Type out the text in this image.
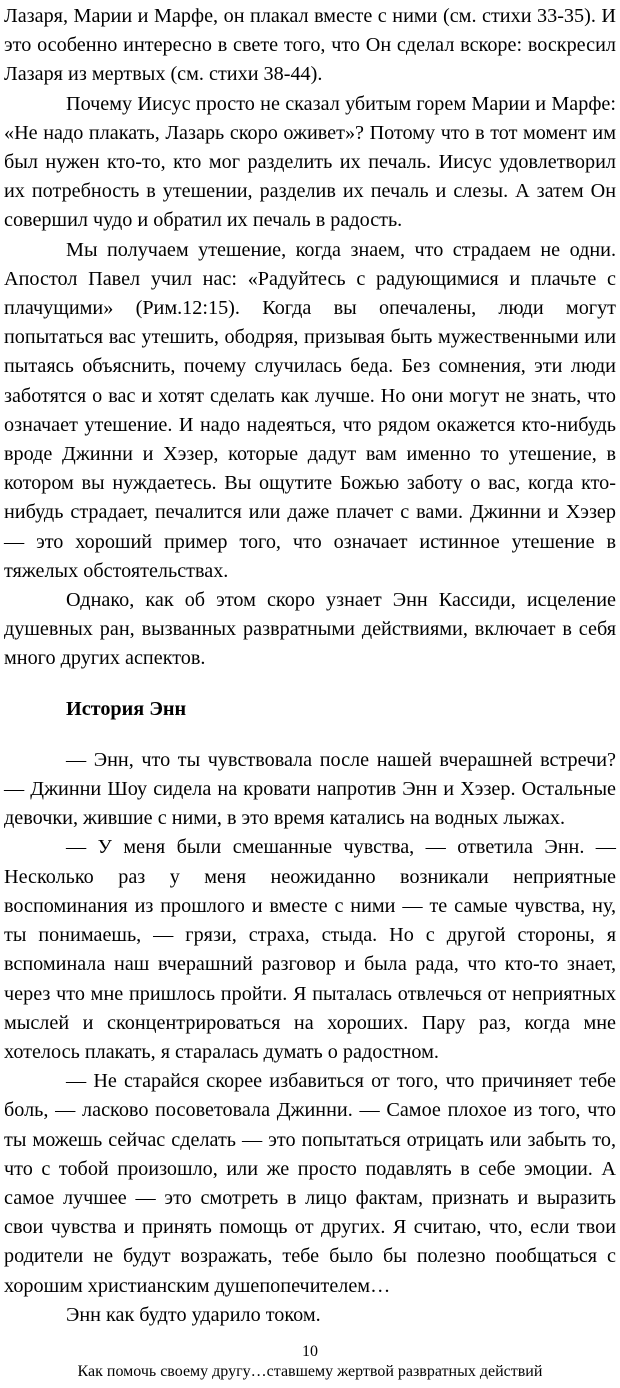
Лазаря, Марии и Марфе, он плакал вместе с ними (см. стихи 33-35). И это особенно интересно в свете того, что Он сделал вскоре: воскресил Лазаря из мертвых (см. стихи 38-44).

Почему Иисус просто не сказал убитым горем Марии и Марфе: «Не надо плакать, Лазарь скоро оживет»? Потому что в тот момент им был нужен кто-то, кто мог разделить их печаль. Иисус удовлетворил их потребность в утешении, разделив их печаль и слезы. А затем Он совершил чудо и обратил их печаль в радость.

Мы получаем утешение, когда знаем, что страдаем не одни. Апостол Павел учил нас: «Радуйтесь с радующимися и плачьте с плачущими» (Рим.12:15). Когда вы опечалены, люди могут попытаться вас утешить, ободряя, призывая быть мужественными или пытаясь объяснить, почему случилась беда. Без сомнения, эти люди заботятся о вас и хотят сделать как лучше. Но они могут не знать, что означает утешение. И надо надеяться, что рядом окажется кто-нибудь вроде Джинни и Хэзер, которые дадут вам именно то утешение, в котором вы нуждаетесь. Вы ощутите Божью заботу о вас, когда кто-нибудь страдает, печалится или даже плачет с вами. Джинни и Хэзер — это хороший пример того, что означает истинное утешение в тяжелых обстоятельствах.

Однако, как об этом скоро узнает Энн Кассиди, исцеление душевных ран, вызванных развратными действиями, включает в себя много других аспектов.

История Энн

— Энн, что ты чувствовала после нашей вчерашней встречи? — Джинни Шоу сидела на кровати напротив Энн и Хэзер. Остальные девочки, жившие с ними, в это время катались на водных лыжах.

— У меня были смешанные чувства, — ответила Энн. — Несколько раз у меня неожиданно возникали неприятные воспоминания из прошлого и вместе с ними — те самые чувства, ну, ты понимаешь, — грязи, страха, стыда. Но с другой стороны, я вспоминала наш вчерашний разговор и была рада, что кто-то знает, через что мне пришлось пройти. Я пыталась отвлечься от неприятных мыслей и сконцентрироваться на хороших. Пару раз, когда мне хотелось плакать, я старалась думать о радостном.

— Не старайся скорее избавиться от того, что причиняет тебе боль, — ласково посоветовала Джинни. — Самое плохое из того, что ты можешь сейчас сделать — это попытаться отрицать или забыть то, что с тобой произошло, или же просто подавлять в себе эмоции. А самое лучшее — это смотреть в лицо фактам, признать и выразить свои чувства и принять помощь от других. Я считаю, что, если твои родители не будут возражать, тебе было бы полезно пообщаться с хорошим христианским душепопечителем…

Энн как будто ударило током.

10
Как помочь своему другу…ставшему жертвой развратных действий
